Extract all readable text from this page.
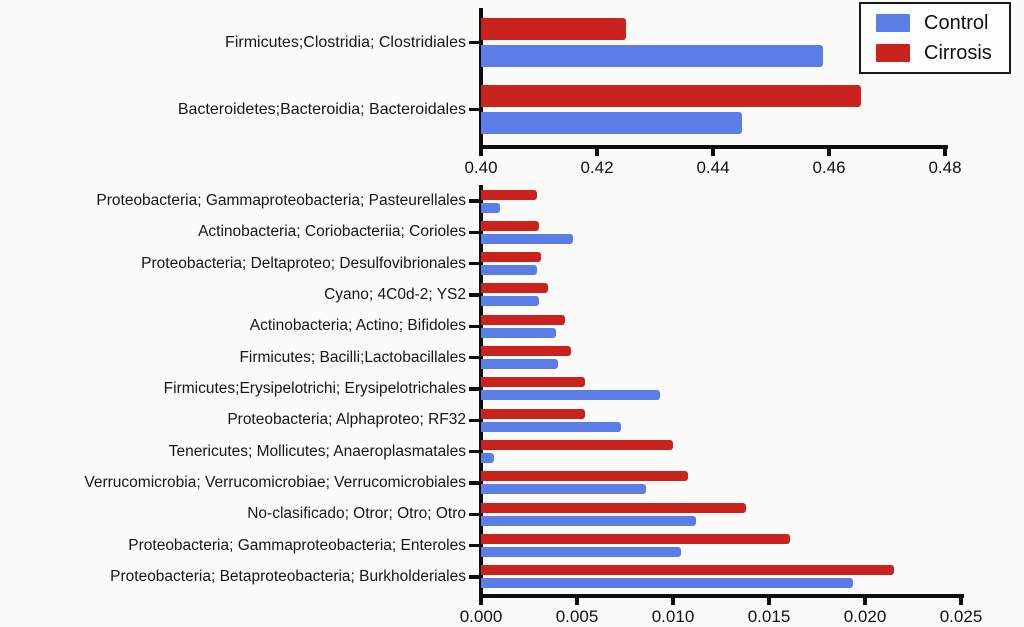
0.40	0.42	0.44	0.46	0.48
Firmicutes;Clostridia; Clostridiales
Bacteroidetes;Bacteroidia; Bacteroidales
0.000	0.005	0.010	0.015	0.020	0.025
Proteobacteria; Gammaproteobacteria; Pasteurellales
Actinobacteria; Coriobacteriia; Corioles
Proteobacteria; Deltaproteo; Desulfovibrionales
Cyano; 4C0d-2; YS2
Actinobacteria; Actino; Bifidoles
Firmicutes; Bacilli;Lactobacillales
Firmicutes;Erysipelotrichi; Erysipelotrichales
Proteobacteria; Alphaproteo; RF32
Tenericutes; Mollicutes; Anaeroplasmatales
Verrucomicrobia; Verrucomicrobiae; Verrucomicrobiales
No-clasificado; Otror; Otro; Otro
Proteobacteria; Gammaproteobacteria; Enteroles
Proteobacteria; Betaproteobacteria; Burkholderiales
Control
Cirrosis
